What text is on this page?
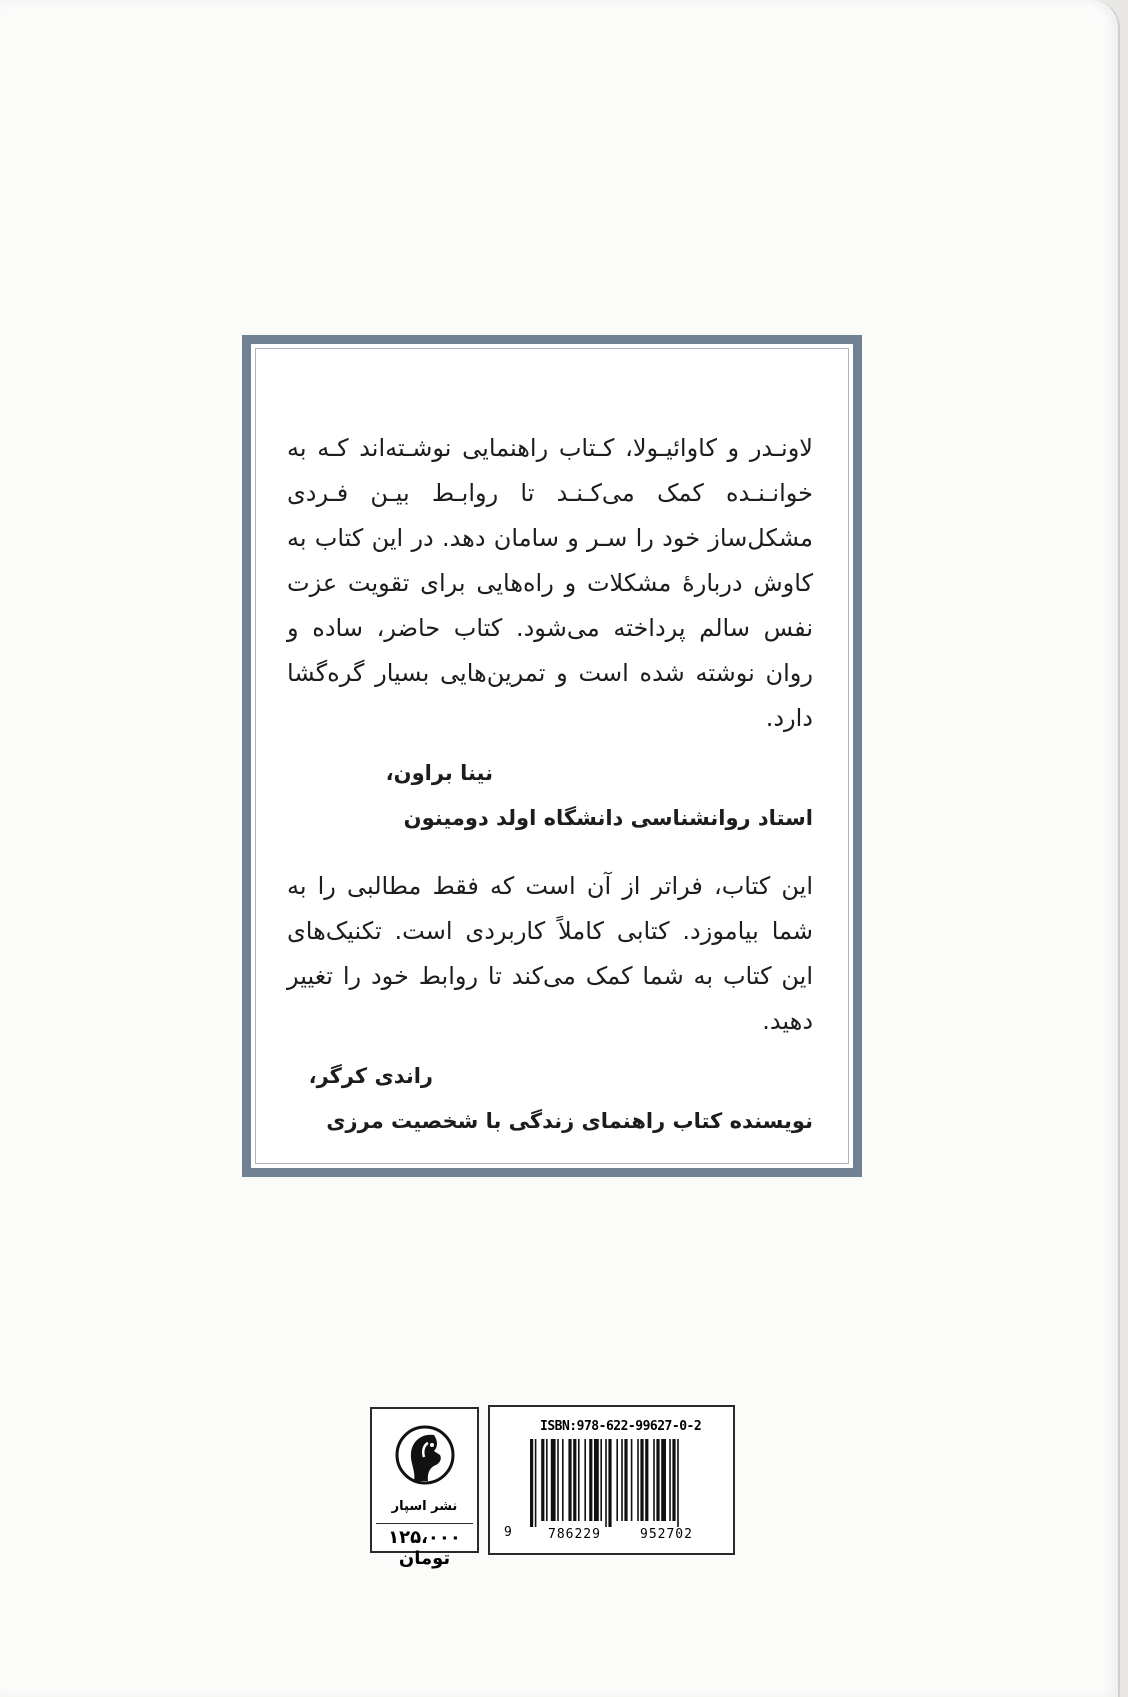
لاونـدر و کاوائیـولا، کـتاب راهنمایی نوشـته‌اند کـه به خوانـنـده کمک می‌کـنـد تا روابـط بیـن فـردی مشکل‌ساز خود را سـر و سامان دهد. در این کتاب به کاوش دربارهٔ مشکلات و راه‌هایی برای تقویت عزت نفس سالم پرداخته می‌شود. کتاب حاضر، ساده و روان نوشته شده است و تمرین‌هایی بسیار گره‌گشا دارد.
نینا براون،
استاد روانشناسی دانشگاه اولد دومینون
این کتاب، فراتر از آن است که فقط مطالبی را به شما بیاموزد. کتابی کاملاً کاربردی است. تکنیک‌های این کتاب به شما کمک می‌کند تا روابط خود را تغییر دهید.
راندی کرگر،
نویسنده کتاب راهنمای زندگی با شخصیت مرزی
نشر اسپار
۱۲۵،۰۰۰ تومان
ISBN:978-622-99627-0-2
9	786229	952702
